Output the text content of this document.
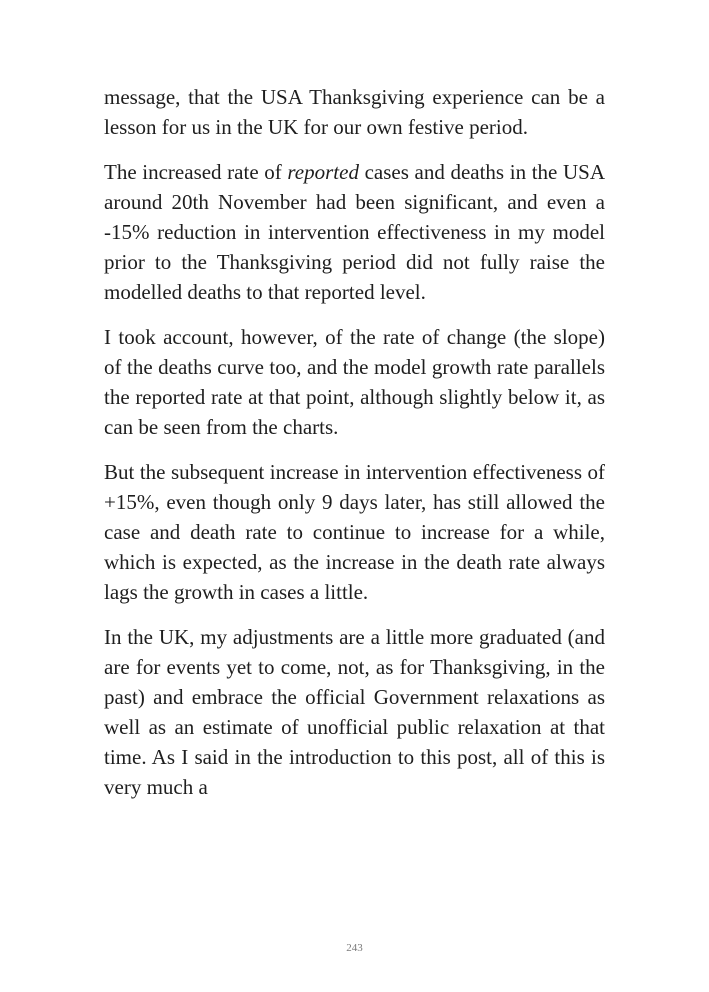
message, that the USA Thanksgiving experience can be a lesson for us in the UK for our own festive period.

The increased rate of reported cases and deaths in the USA around 20th November had been significant, and even a -15% reduction in intervention effectiveness in my model prior to the Thanksgiving period did not fully raise the modelled deaths to that reported level.

I took account, however, of the rate of change (the slope) of the deaths curve too, and the model growth rate parallels the reported rate at that point, although slightly below it, as can be seen from the charts.

But the subsequent increase in intervention effectiveness of +15%, even though only 9 days later, has still allowed the case and death rate to continue to increase for a while, which is expected, as the increase in the death rate always lags the growth in cases a little.

In the UK, my adjustments are a little more graduated (and are for events yet to come, not, as for Thanksgiving, in the past) and embrace the official Government relaxations as well as an estimate of unofficial public relaxation at that time. As I said in the introduction to this post, all of this is very much a

243
